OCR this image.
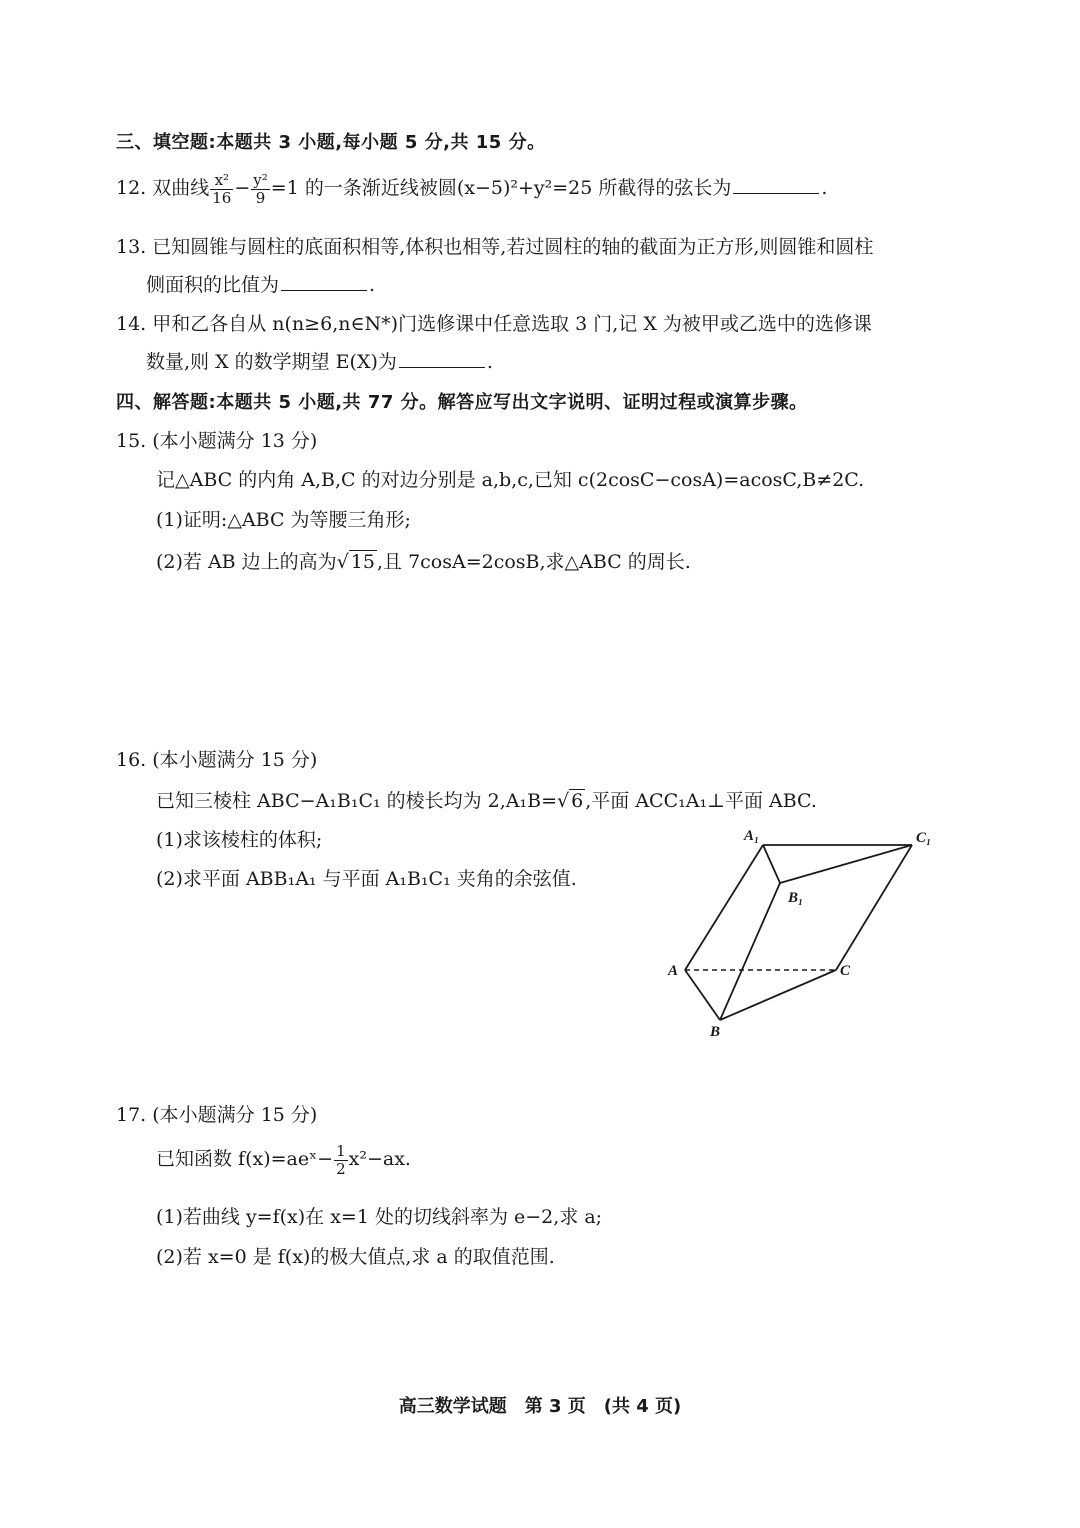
三、填空题:本题共 3 小题,每小题 5 分,共 15 分。
12. 双曲线 $\frac{\text{x²}}{16} - \frac{\text{y²}}{9} =1$ 的一条渐近线被圆(x−5)²+y²=25 所截得的弦长为	.
13. 已知圆锥与圆柱的底面积相等,体积也相等,若过圆柱的轴的截面为正方形,则圆锥和圆柱
侧面积的比值为	.
14. 甲和乙各自从 n(n≥6,n∈N*)门选修课中任意选取 3 门,记 X 为被甲或乙选中的选修课
数量,则 X 的数学期望 E(X)为	.
四、解答题:本题共 5 小题,共 77 分。解答应写出文字说明、证明过程或演算步骤。
15. (本小题满分 13 分)
记△ABC 的内角 A,B,C 的对边分别是 a,b,c,已知 c(2cosC−cosA)=acosC,B≠2C.
(1)证明:△ABC 为等腰三角形;
(2)若 AB 边上的高为√ 15 ,且 7cosA=2cosB,求△ABC 的周长.
16. (本小题满分 15 分)
已知三棱柱 ABC−A₁B₁C₁ 的棱长均为 2,A₁B=√ 6 ,平面 ACC₁A₁⊥平面 ABC.
(1)求该棱柱的体积;
(2)求平面 ABB₁A₁ 与平面 A₁B₁C₁ 夹角的余弦值.
A₁	C₁
B₁
A	C
B
17. (本小题满分 15 分)
已知函数 f(x)=aeˣ− $\frac{1}{2} x^2-ax$.
(1)若曲线 y=f(x)在 x=1 处的切线斜率为 e−2,求 a;
(2)若 x=0 是 f(x)的极大值点,求 a 的取值范围.
高三数学试题　第 3 页　(共 4 页)
